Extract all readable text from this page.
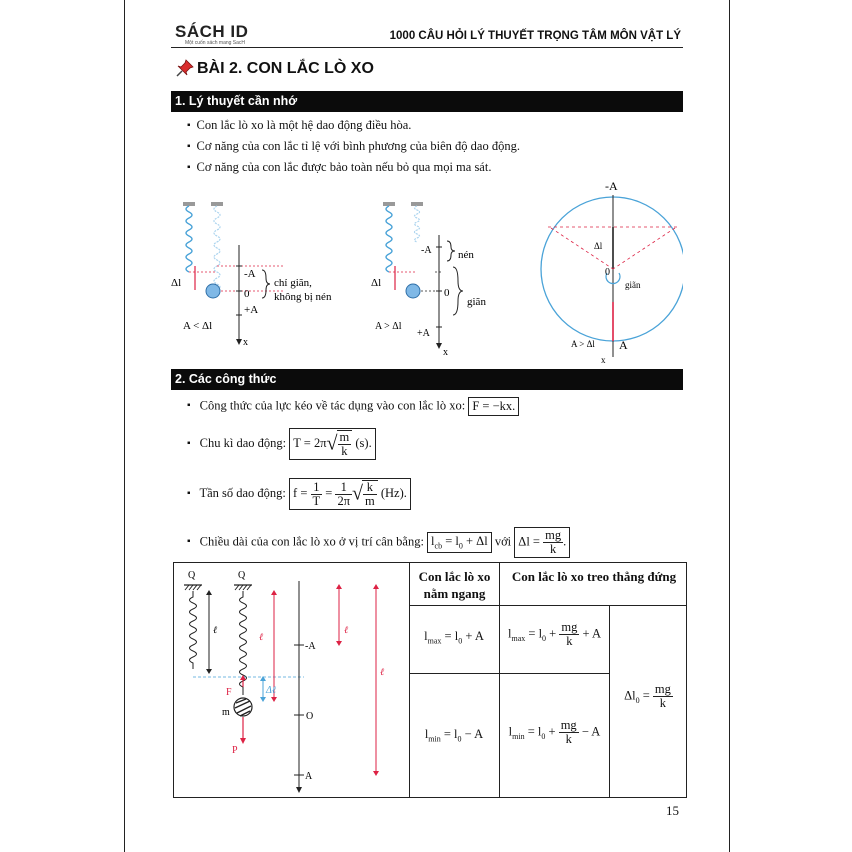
SÁCH ID
Một cuốn sách mang SacH
1000 CÂU HỎI LÝ THUYẾT TRỌNG TÂM MÔN VẬT LÝ
BÀI 2. CON LẮC LÒ XO
1. Lý thuyết cần nhớ
▪ Con lắc lò xo là một hệ dao động điều hòa.
▪ Cơ năng của con lắc tỉ lệ với bình phương của biên độ dao động.
▪ Cơ năng của con lắc được bảo toàn nếu bỏ qua mọi ma sát.
Δl
-A
0
+A
chỉ giãn,
không bị nén
A < Δl
x
Δl
-A
0
+A
nén
giãn
A > Δl
x
-A
Δl
0
giãn
A > Δl A
x
2. Các công thức
▪ Công thức của lực kéo về tác dụng vào con lắc lò xo: F = −kx.
▪ Chu kì dao động: $T = 2\pi√ \frac{m}{k} (s)$.
▪ Tần số dao động: $f = \frac{1}{T} = \frac{1}{2\pi}$ √ $\frac{k}{m} (Hz)$.
▪ Chiều dài của con lắc lò xo ở vị trí cân bằng: $l_{cb} = l_0 + \Delta l$ với $\Delta l = \frac{mg}{k}$ .
Con lắc lò xo nằm ngang
Con lắc lò xo treo thẳng đứng
$l_{max} = l_0 + A$	$l_{max} = l_0 + \frac{mg}{k} + A$
$l_{min} = l_0 - A$	$l_{min} = l_0 + \frac{mg}{k} - A$
$\Delta l_0 = \frac{mg}{k}$
Q	Q
ℓ
ℓ
ℓ
ℓ
F	Δℓ
m
P
-A
O
A
15
